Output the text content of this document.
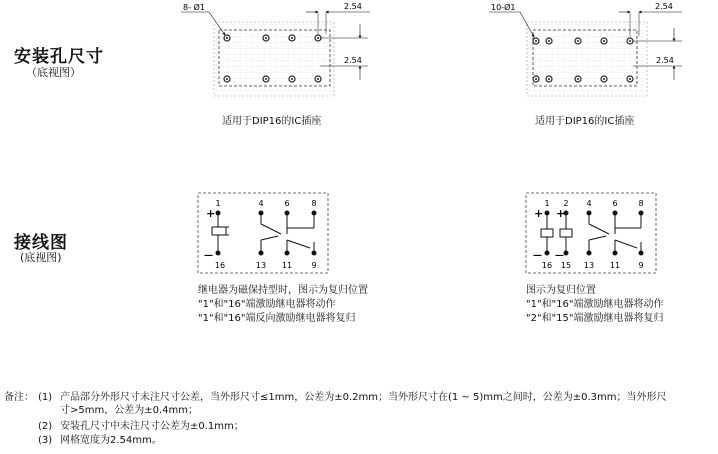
安装孔尺寸
（底视图）
接线图
(底视图)
适用于DIP16的IC插座	适用于DIP16的IC插座
继电器为磁保持型时，图示为复归位置
"1"和"16"端激励继电器将动作
"1"和"16"端反向激励继电器将复归
图示为复归位置
"1"和"16"端激励继电器将动作
"2"和"15"端激励继电器将复归
备注： (1) 产品部分外形尺寸未注尺寸公差，当外形尺寸≤1mm，公差为±0.2mm；当外形尺寸在(1 ~ 5)mm之间时，公差为±0.3mm；当外形尺
寸>5mm，公差为±0.4mm；
(2) 安装孔尺寸中未注尺寸公差为±0.1mm；
(3) 网格宽度为2.54mm。
8- Ø1	2.54
2.54
10-Ø1	2.54
2.54
1	4	6	8
16	13 11 9
+
—
1 2 4	6	8
16 15 13 11 9
+
— —
+
